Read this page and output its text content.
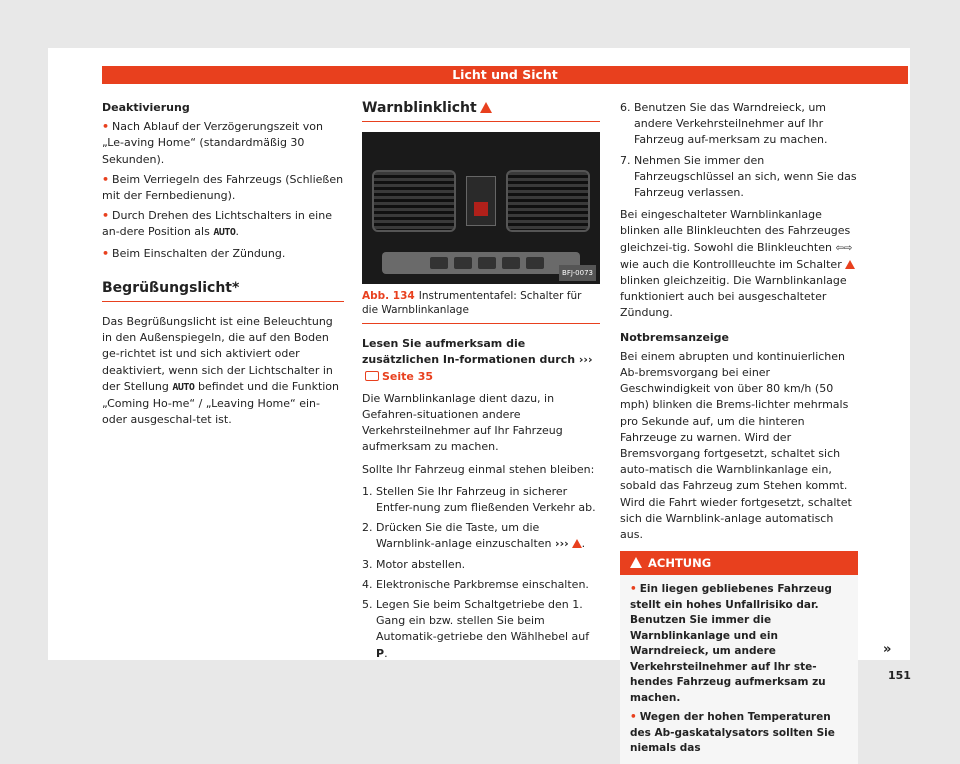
Licht und Sicht
Deaktivierung
• Nach Ablauf der Verzögerungszeit von „Le-aving Home“ (standardmäßig 30 Sekunden).
• Beim Verriegeln des Fahrzeugs (Schließen mit der Fernbedienung).
• Durch Drehen des Lichtschalters in eine an-dere Position als AUTO.
• Beim Einschalten der Zündung.
Begrüßungslicht*
Das Begrüßungslicht ist eine Beleuchtung in den Außenspiegeln, die auf den Boden ge-richtet ist und sich aktiviert oder deaktiviert, wenn sich der Lichtschalter in der Stellung AUTO befindet und die Funktion „Coming Ho-me“ / „Leaving Home“ ein- oder ausgeschal-tet ist.
Warnblinklicht
BFJ-0073
Abb. 134 Instrumententafel: Schalter für die Warnblinkanlage
Lesen Sie aufmerksam die zusätzlichen In-formationen durch ››› Seite 35
Die Warnblinkanlage dient dazu, in Gefahren-situationen andere Verkehrsteilnehmer auf Ihr Fahrzeug aufmerksam zu machen.
Sollte Ihr Fahrzeug einmal stehen bleiben:
1. Stellen Sie Ihr Fahrzeug in sicherer Entfer-nung zum fließenden Verkehr ab.
2. Drücken Sie die Taste, um die Warnblink-anlage einzuschalten ››› .
3. Motor abstellen.
4. Elektronische Parkbremse einschalten.
5. Legen Sie beim Schaltgetriebe den 1. Gang ein bzw. stellen Sie beim Automatik-getriebe den Wählhebel auf P.
6. Benutzen Sie das Warndreieck, um andere Verkehrsteilnehmer auf Ihr Fahrzeug auf-merksam zu machen.
7. Nehmen Sie immer den Fahrzeugschlüssel an sich, wenn Sie das Fahrzeug verlassen.
Bei eingeschalteter Warnblinkanlage blinken alle Blinkleuchten des Fahrzeuges gleichzei-tig. Sowohl die Blinkleuchten ⇦⇨ wie auch die Kontrollleuchte im Schalter blinken gleichzeitig. Die Warnblinkanlage funktioniert auch bei ausgeschalteter Zündung.
Notbremsanzeige
Bei einem abrupten und kontinuierlichen Ab-bremsvorgang bei einer Geschwindigkeit von über 80 km/h (50 mph) blinken die Brems-lichter mehrmals pro Sekunde auf, um die hinteren Fahrzeuge zu warnen. Wird der Bremsvorgang fortgesetzt, schaltet sich auto-matisch die Warnblinkanlage ein, sobald das Fahrzeug zum Stehen kommt. Wird die Fahrt wieder fortgesetzt, schaltet sich die Warnblink-anlage automatisch aus.
ACHTUNG
• Ein liegen gebliebenes Fahrzeug stellt ein hohes Unfallrisiko dar. Benutzen Sie immer die Warnblinkanlage und ein Warndreieck, um andere Verkehrsteilnehmer auf Ihr ste-hendes Fahrzeug aufmerksam zu machen.
• Wegen der hohen Temperaturen des Ab-gaskatalysators sollten Sie niemals das
»
151
